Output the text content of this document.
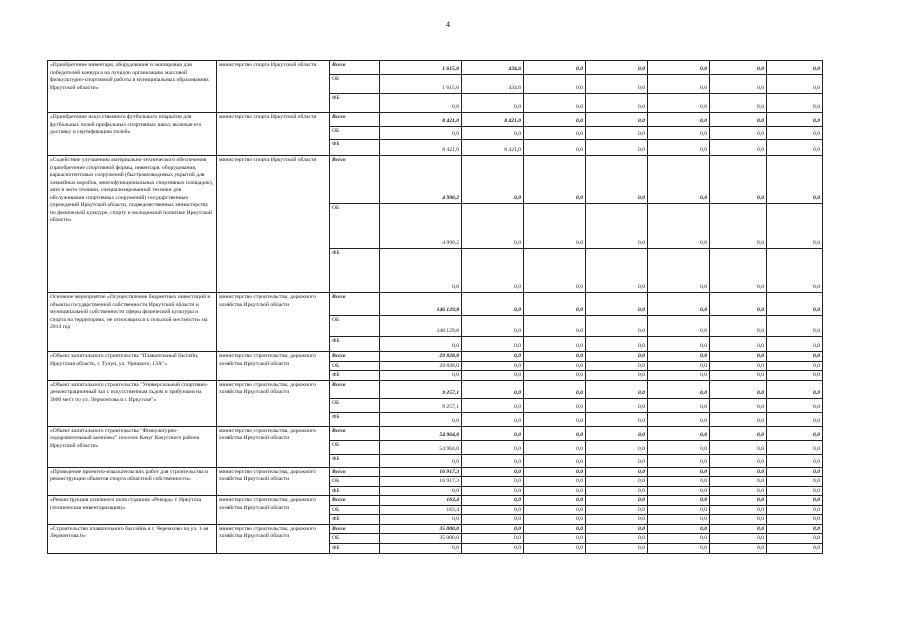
4
«Приобретение инвентаря, оборудования и экипировки для победителей конкурса на лучшую организацию массовой физкультурно-спортивной работы в муниципальных образованиях Иркутской области»	министерство спорта Иркутской области	Всего	1 615,0	434,6	0,0	0,0	0,0	0,0	0,0
		ОБ	1 615,0	434,6	0,0	0,0	0,0	0,0	0,0
		ФБ	0,0	0,0	0,0	0,0	0,0	0,0	0,0
«Приобретение искусственного футбольного покрытия для футбольных полей профильных спортивных школ, включая его доставку и сертификацию полей»	министерство спорта Иркутской области	Всего	8 421,0	8 421,0	0,0	0,0	0,0	0,0	0,0
		ОБ	0,0	0,0	0,0	0,0	0,0	0,0	0,0
		ФБ	8 421,0	8 421,0	0,0	0,0	0,0	0,0	0,0
«Содействие улучшению материально-технического обеспечения (приобретение спортивной формы, инвентаря, оборудования, каркаснотентовых сооружений (быстровозводимых укрытий для хоккейных коробок, многофункциональных спортивных площадок), авто и мото техники, специализированной техники для обслуживания спортивных сооружений) государственных учреждений Иркутской области, подведомственных министерству по физической культуре, спорту и молодежной политике Иркутской области»	министерство спорта Иркутской области	Всего	4 990,2	0,0	0,0	0,0	0,0	0,0	0,0
		ОБ	4 990,2	0,0	0,0	0,0	0,0	0,0	0,0
		ФБ	0,0	0,0	0,0	0,0	0,0	0,0	0,0
Основное мероприятие «Осуществление бюджетных инвестиций в объекты государственной собственности Иркутской области и муниципальной собственности сферы физической культуры и спорта на территориях, не относящихся к сельской местности» на 2014 год	министерство строительства, дорожного хозяйства Иркутской области	Всего	146 129,8	0,0	0,0	0,0	0,0	0,0	0,0
		ОБ	146 129,8	0,0	0,0	0,0	0,0	0,0	0,0
		ФБ	0,0	0,0	0,0	0,0	0,0	0,0	0,0
«Объект капитального строительства "Плавательный бассейн, Иркутская область, г. Тулун, ул. Урицкого, 13А"»	министерство строительства, дорожного хозяйства Иркутской области	Всего	29 828,0	0,0	0,0	0,0	0,0	0,0	0,0
		ОБ	29 828,0	0,0	0,0	0,0	0,0	0,0	0,0
		ФБ	0,0	0,0	0,0	0,0	0,0	0,0	0,0
«Объект капитального строительства "Универсальный спортивно-демонстрационный зал с искусственным льдом и трибунами на 3000 мест по ул. Лермонтова в г. Иркутске"»	министерство строительства, дорожного хозяйства Иркутской области	Всего	9 257,1	0,0	0,0	0,0	0,0	0,0	0,0
		ОБ	9 257,1	0,0	0,0	0,0	0,0	0,0	0,0
		ФБ	0,0	0,0	0,0	0,0	0,0	0,0	0,0
«Объект капитального строительства "Физкультурно-оздоровительный комплекс" поселок Качуг Качугского района Иркутской области»	министерство строительства, дорожного хозяйства Иркутской области	Всего	54 964,0	0,0	0,0	0,0	0,0	0,0	0,0
		ОБ	54 964,0	0,0	0,0	0,0	0,0	0,0	0,0
		ФБ	0,0	0,0	0,0	0,0	0,0	0,0	0,0
«Проведение проектно-изыскательских работ для строительства и реконструкции объектов спорта областной собственности»	министерство строительства, дорожного хозяйства Иркутской области	Всего	16 917,3	0,0	0,0	0,0	0,0	0,0	0,0
		ОБ	16 917,3	0,0	0,0	0,0	0,0	0,0	0,0
		ФБ	0,0	0,0	0,0	0,0	0,0	0,0	0,0
«Реконструкция основного поля стадиона «Рекорд» г. Иркутска (техническая инвентаризация)»	министерство строительства, дорожного хозяйства Иркутской области	Всего	163,4	0,0	0,0	0,0	0,0	0,0	0,0
		ОБ	163,4	0,0	0,0	0,0	0,0	0,0	0,0
		ФБ	0,0	0,0	0,0	0,0	0,0	0,0	0,0
«Строительство плавательного бассейна в г. Черемхово по ул. 1-ая Лермонтова,6»	министерство строительства, дорожного хозяйства Иркутской области	Всего	35 000,0	0,0	0,0	0,0	0,0	0,0	0,0
		ОБ	35 000,0	0,0	0,0	0,0	0,0	0,0	0,0
		ФБ	0,0	0,0	0,0	0,0	0,0	0,0	0,0
